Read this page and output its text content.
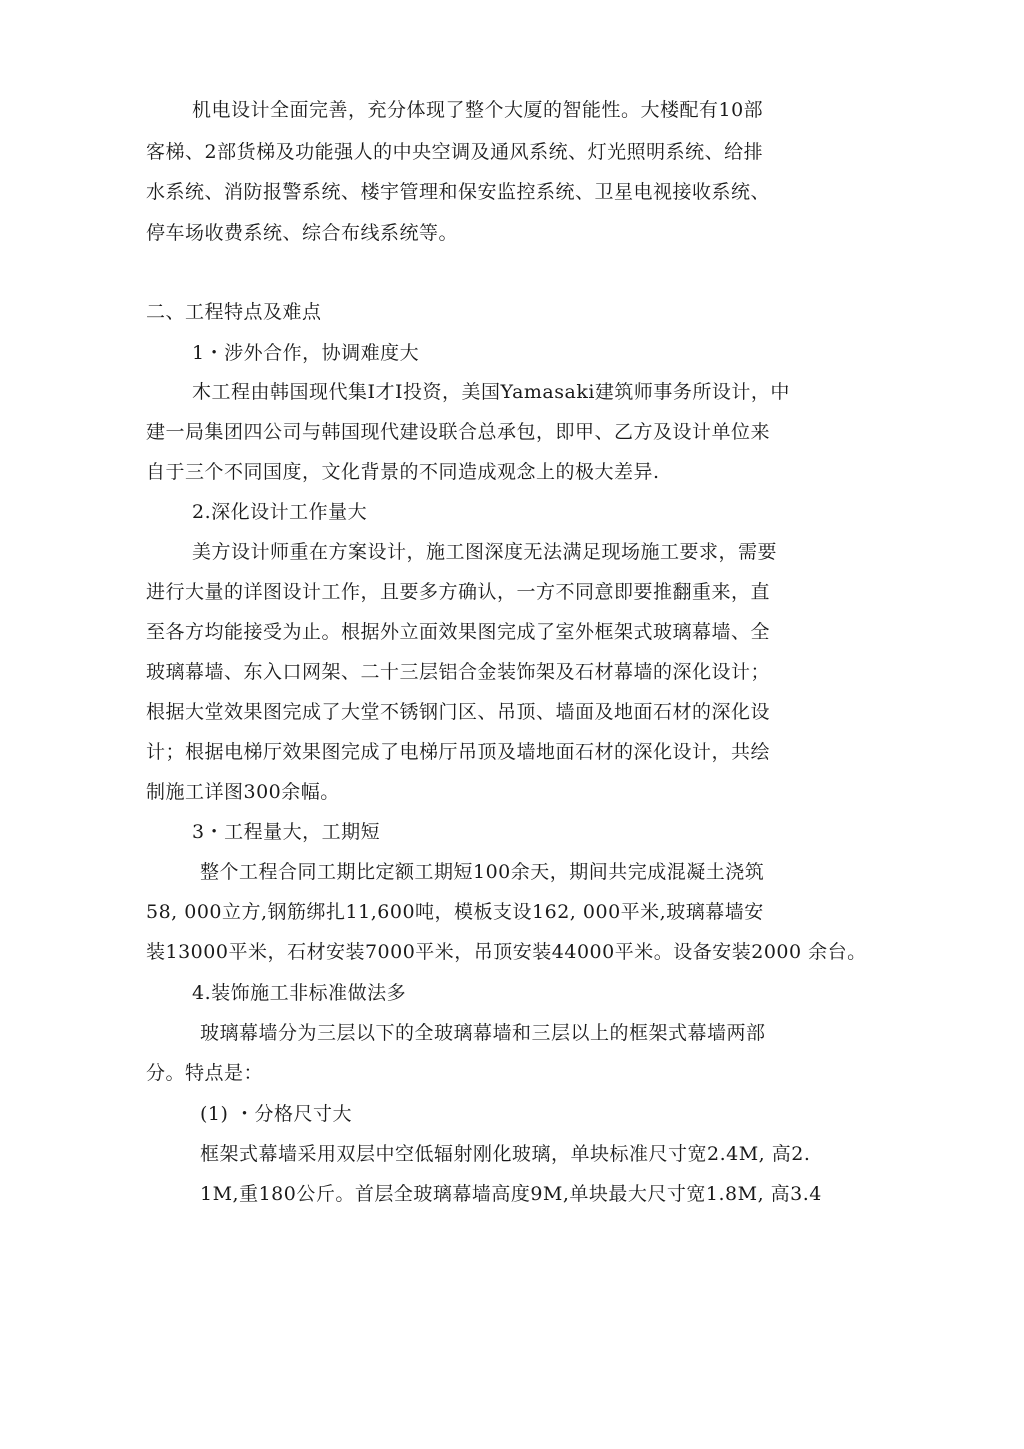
机电设计全面完善，充分体现了整个大厦的智能性。大楼配有10部
客梯、2部货梯及功能强人的中央空调及通风系统、灯光照明系统、给排
水系统、消防报警系统、楼宇管理和保安监控系统、卫星电视接收系统、
停车场收费系统、综合布线系统等。
二、工程特点及难点
1・涉外合作，协调难度大
木工程由韩国现代集I才I投资，美国Yamasaki建筑师事务所设计，中
建一局集团四公司与韩国现代建设联合总承包，即甲、乙方及设计单位来
自于三个不同国度，文化背景的不同造成观念上的极大差异.
2.深化设计工作量大
美方设计师重在方案设计，施工图深度无法满足现场施工要求，需要
进行大量的详图设计工作，且要多方确认，一方不同意即要推翻重来，直
至各方均能接受为止。根据外立面效果图完成了室外框架式玻璃幕墙、全
玻璃幕墙、东入口网架、二十三层铝合金装饰架及石材幕墙的深化设计；
根据大堂效果图完成了大堂不锈钢门区、吊顶、墙面及地面石材的深化设
计；根据电梯厅效果图完成了电梯厅吊顶及墙地面石材的深化设计，共绘
制施工详图300余幅。
3・工程量大，工期短
整个工程合同工期比定额工期短100余天，期间共完成混凝土浇筑
58, 000立方,钢筋绑扎11,600吨，模板支设162, 000平米,玻璃幕墙安
装13000平米，石材安装7000平米，吊顶安装44000平米。设备安装2000 余台。
4.装饰施工非标准做法多
玻璃幕墙分为三层以下的全玻璃幕墙和三层以上的框架式幕墙两部
分。特点是：
(1) ・分格尺寸大
框架式幕墙采用双层中空低辐射刚化玻璃，单块标准尺寸宽2.4M, 高2.
1M,重180公斤。首层全玻璃幕墙高度9M,单块最大尺寸宽1.8M, 高3.4
